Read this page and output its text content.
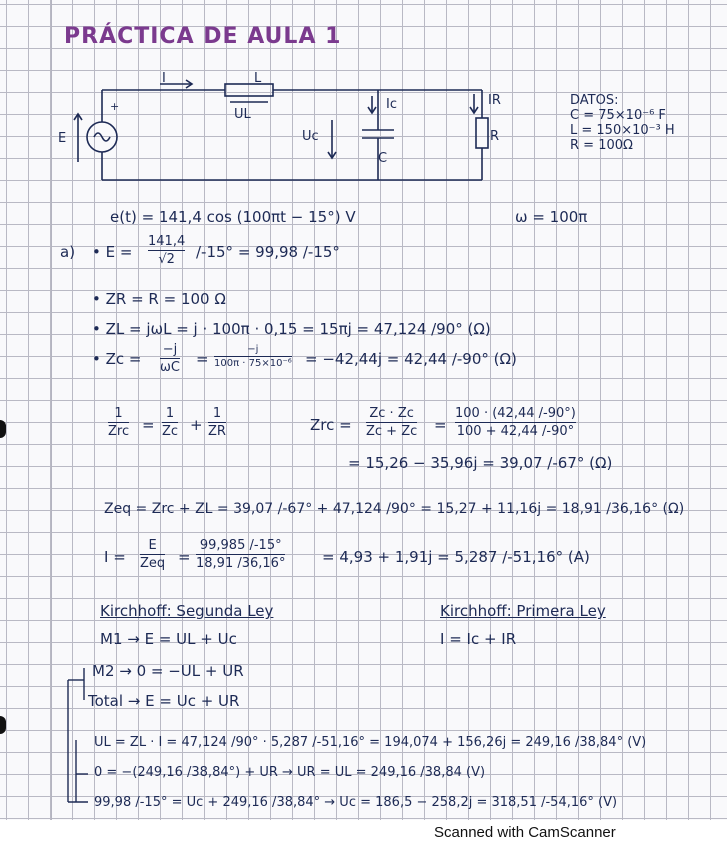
PRÁCTICA DE AULA 1
+
I	L
UL
E
Ic
Uc
C
IR
R
DATOS:
C = 75×10⁻⁶ F
L = 150×10⁻³ H
R = 100Ω
e(t) = 141,4 cos (100πt − 15°) V	ω = 100π
a) • E =
141,4
√2	/-15° = 99,98 /-15°
• ZR = R = 100 Ω
• ZL = jωL = j · 100π · 0,15 = 15πj = 47,124 /90° (Ω)
• Zc =
−j
ωC =
−j
100π · 75×10⁻⁶ = −42,44j = 42,44 /-90° (Ω)
1
Zrc =
1
Zc +
1
ZR	Zrc =
Zc · Zc
Zc + Zc =
100 · (42,44 /-90°)
100 + 42,44 /-90°
= 15,26 − 35,96j = 39,07 /-67° (Ω)
Zeq = Zrc + ZL = 39,07 /-67° + 47,124 /90° = 15,27 + 11,16j = 18,91 /36,16° (Ω)
I =
E
Zeq =
99,985 /-15°
18,91 /36,16° = 4,93 + 1,91j = 5,287 /-51,16° (A)
Kirchhoff: Segunda Ley	Kirchhoff: Primera Ley
M1 → E = UL + Uc	I = Ic + IR
M2 → 0 = −UL + UR
Total → E = Uc + UR
UL = ZL · I = 47,124 /90° · 5,287 /-51,16° = 194,074 + 156,26j = 249,16 /38,84° (V)
0 = −(249,16 /38,84°) + UR → UR = UL = 249,16 /38,84 (V)
99,98 /-15° = Uc + 249,16 /38,84° → Uc = 186,5 − 258,2j = 318,51 /-54,16° (V)
Scanned with CamScanner
